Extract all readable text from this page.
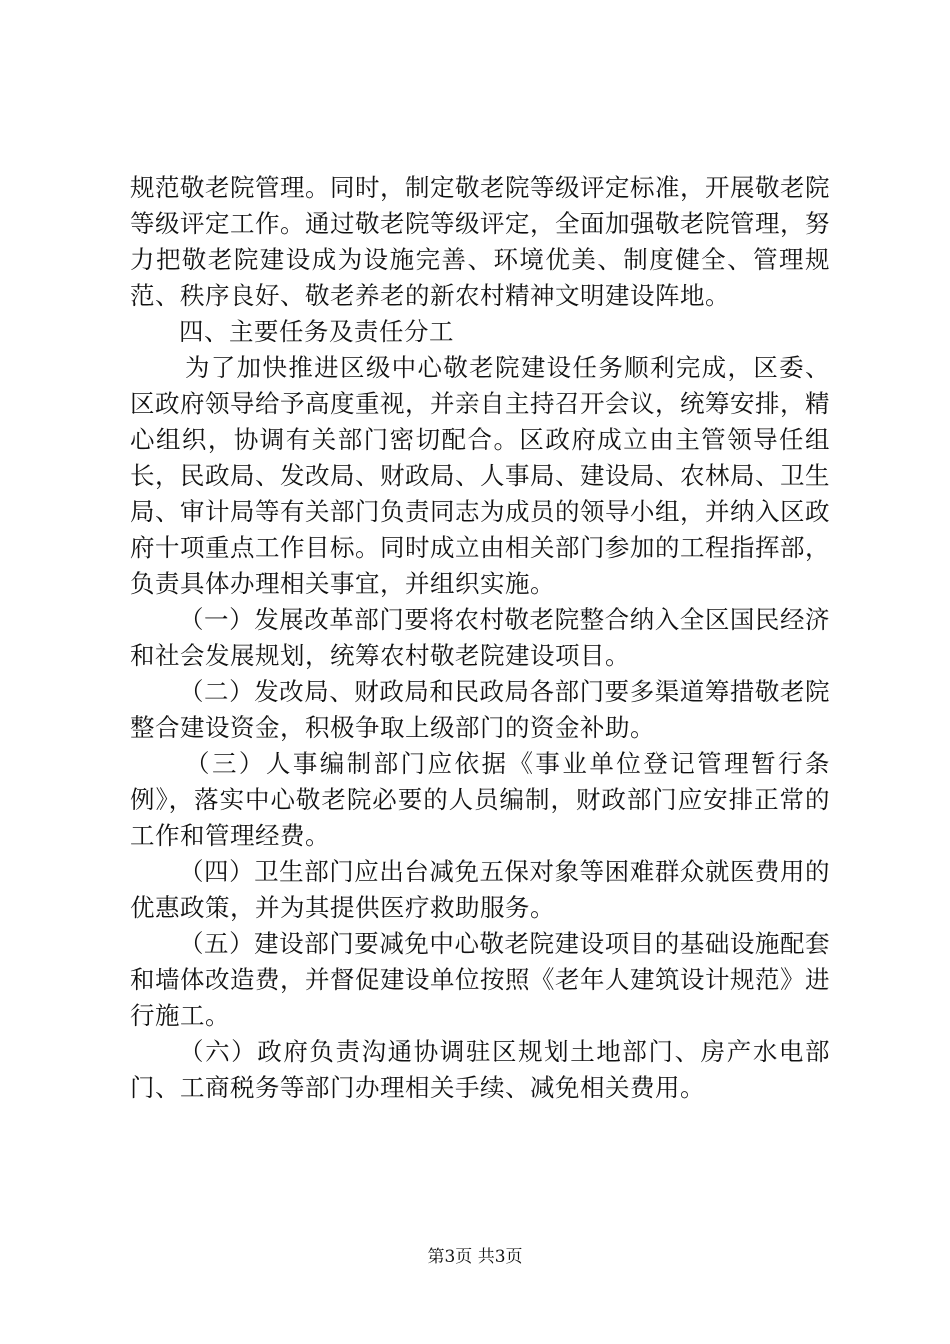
规范敬老院管理。同时，制定敬老院等级评定标准，开展敬老院等级评定工作。通过敬老院等级评定，全面加强敬老院管理，努力把敬老院建设成为设施完善、环境优美、制度健全、管理规范、秩序良好、敬老养老的新农村精神文明建设阵地。

四、主要任务及责任分工

为了加快推进区级中心敬老院建设任务顺利完成，区委、区政府领导给予高度重视，并亲自主持召开会议，统筹安排，精心组织，协调有关部门密切配合。区政府成立由主管领导任组长，民政局、发改局、财政局、人事局、建设局、农林局、卫生局、审计局等有关部门负责同志为成员的领导小组，并纳入区政府十项重点工作目标。同时成立由相关部门参加的工程指挥部，负责具体办理相关事宜，并组织实施。

（一）发展改革部门要将农村敬老院整合纳入全区国民经济和社会发展规划，统筹农村敬老院建设项目。

（二）发改局、财政局和民政局各部门要多渠道筹措敬老院整合建设资金，积极争取上级部门的资金补助。

（三）人事编制部门应依据《事业单位登记管理暂行条例》，落实中心敬老院必要的人员编制，财政部门应安排正常的工作和管理经费。

（四）卫生部门应出台减免五保对象等困难群众就医费用的优惠政策，并为其提供医疗救助服务。

（五）建设部门要减免中心敬老院建设项目的基础设施配套和墙体改造费，并督促建设单位按照《老年人建筑设计规范》进行施工。

（六）政府负责沟通协调驻区规划土地部门、房产水电部门、工商税务等部门办理相关手续、减免相关费用。

第3页 共3页
